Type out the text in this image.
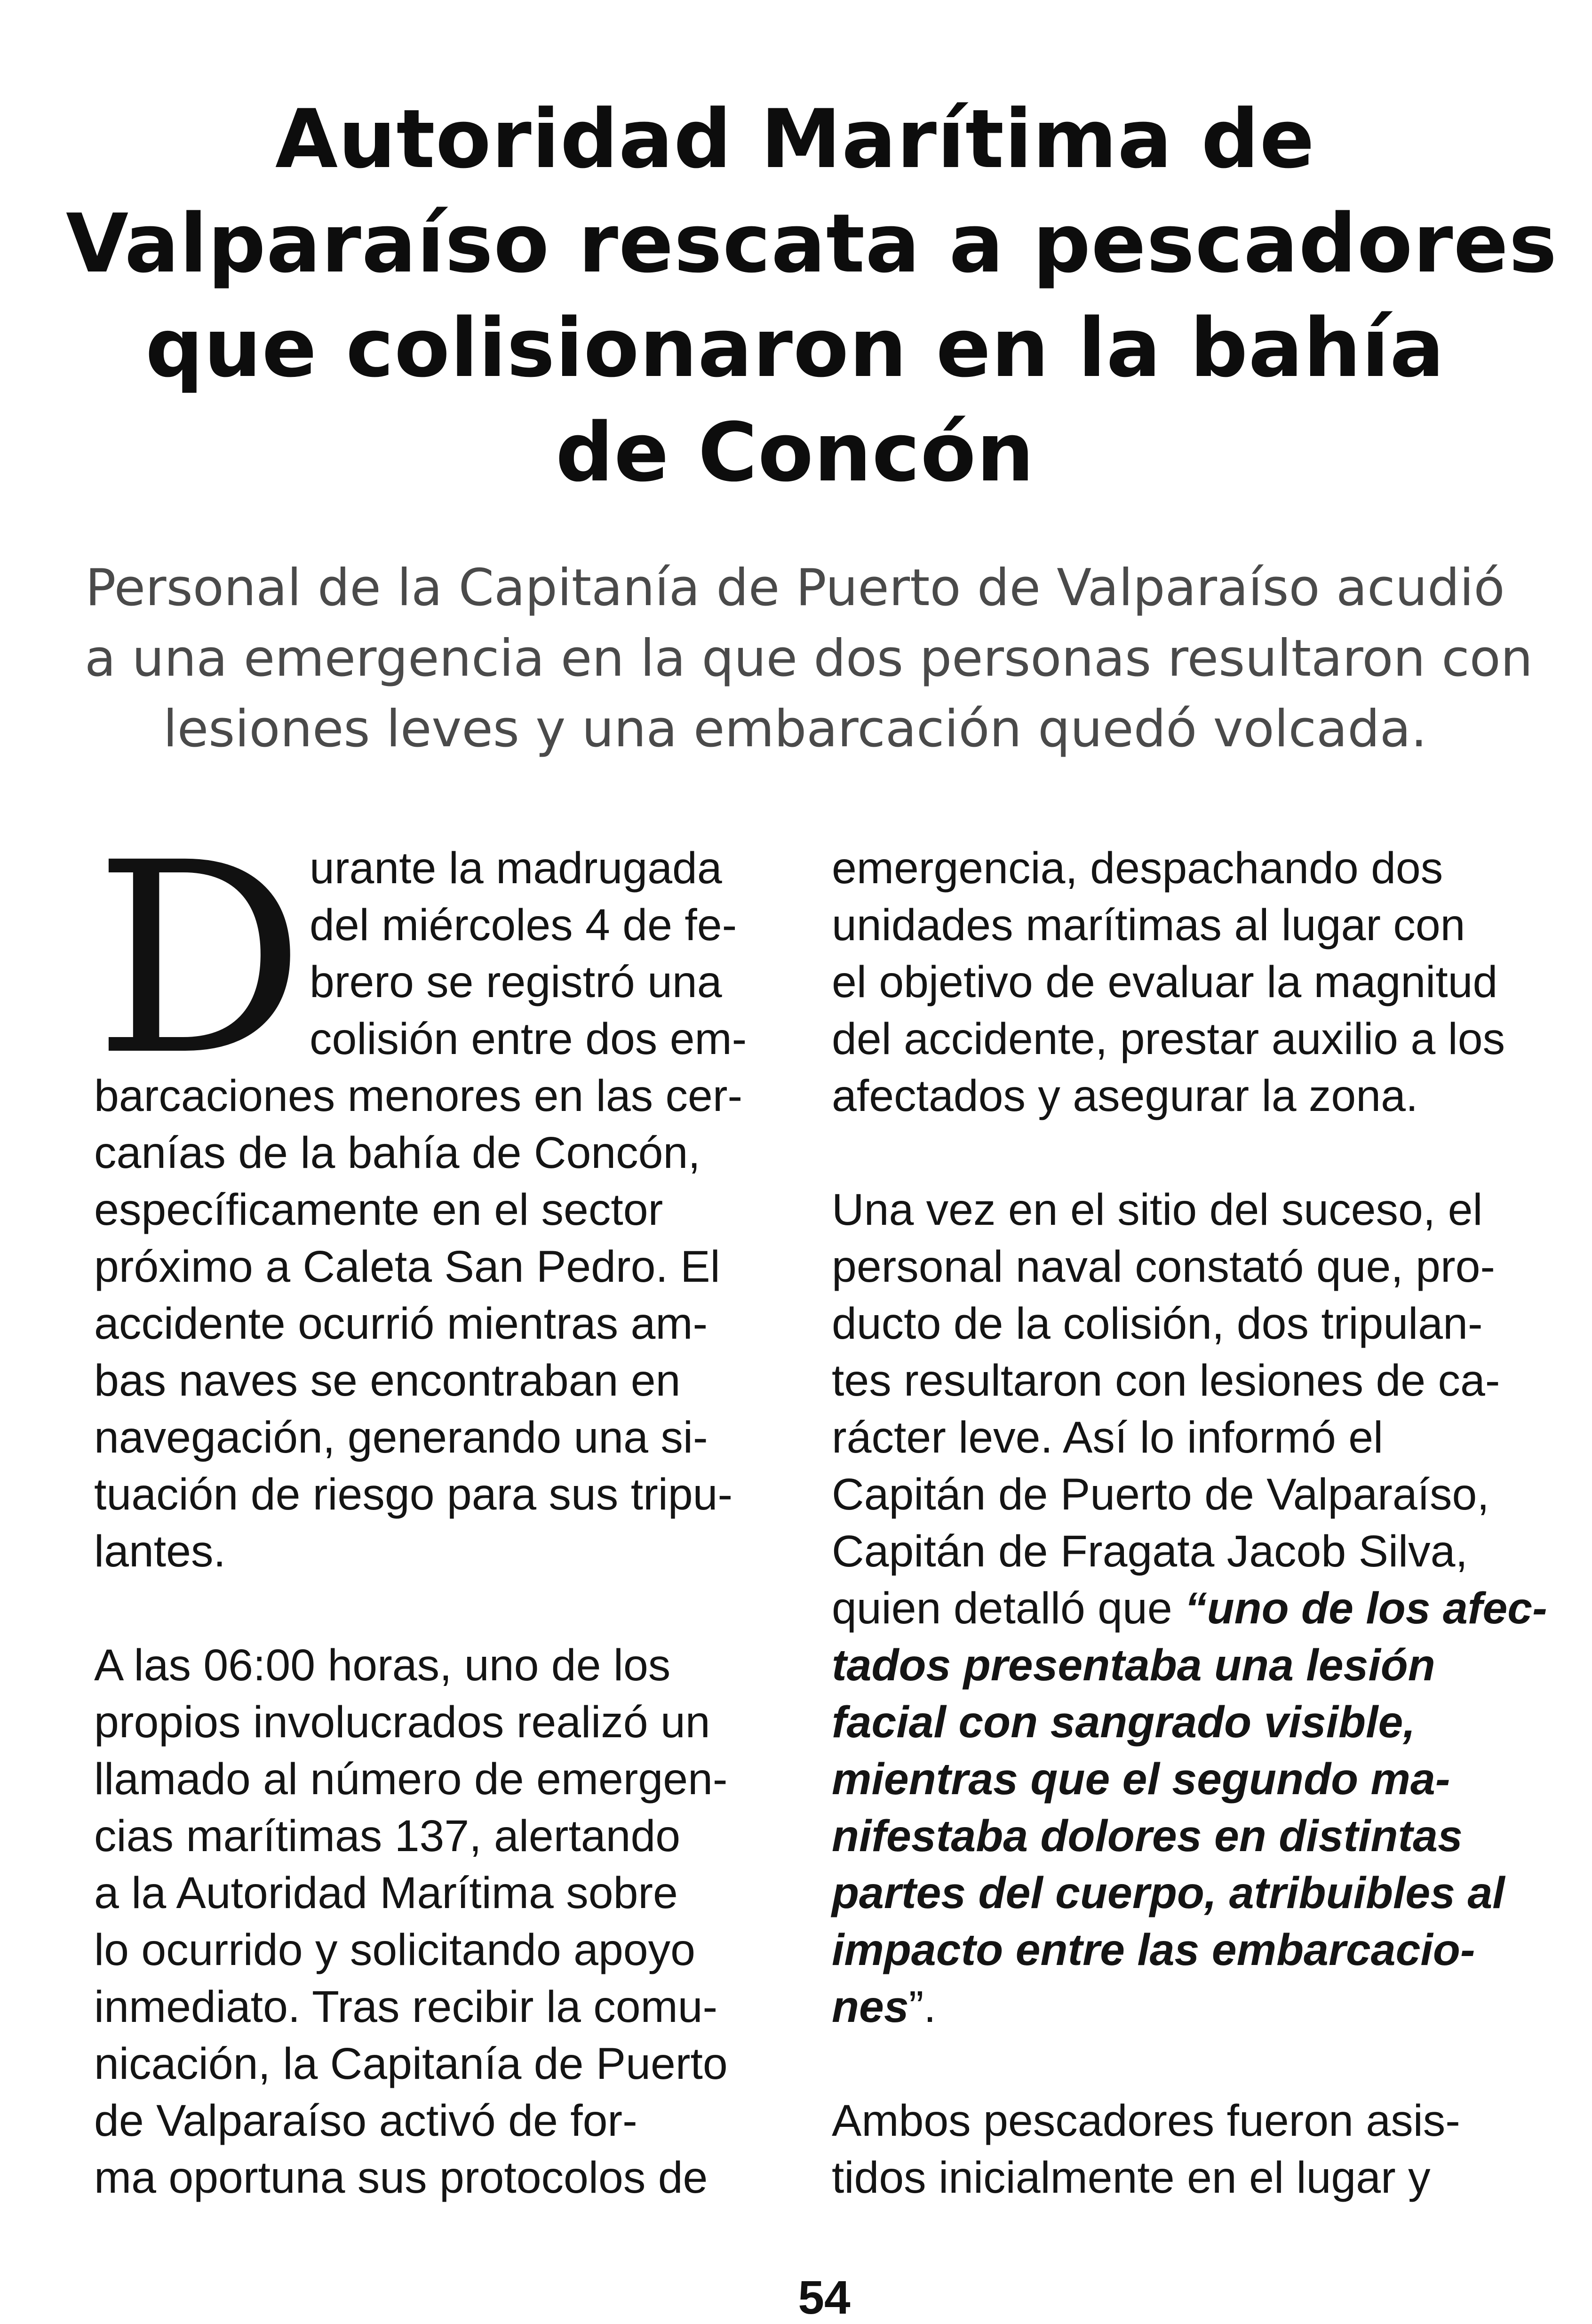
Autoridad Marítima de
Valparaíso rescata a pescadores
que colisionaron en la bahía
de Concón
Personal de la Capitanía de Puerto de Valparaíso acudió
a una emergencia en la que dos personas resultaron con
lesiones leves y una embarcación quedó volcada.
D urante la madrugada
del miércoles 4 de fe-
brero se registró una
colisión entre dos em-
barcaciones menores en las cer-
canías de la bahía de Concón,
específicamente en el sector
próximo a Caleta San Pedro. El
accidente ocurrió mientras am-
bas naves se encontraban en
navegación, generando una si-
tuación de riesgo para sus tripu-
lantes.
A las 06:00 horas, uno de los
propios involucrados realizó un
llamado al número de emergen-
cias marítimas 137, alertando
a la Autoridad Marítima sobre
lo ocurrido y solicitando apoyo
inmediato. Tras recibir la comu-
nicación, la Capitanía de Puerto
de Valparaíso activó de for-
ma oportuna sus protocolos de
emergencia, despachando dos
unidades marítimas al lugar con
el objetivo de evaluar la magnitud
del accidente, prestar auxilio a los
afectados y asegurar la zona.
Una vez en el sitio del suceso, el
personal naval constató que, pro-
ducto de la colisión, dos tripulan-
tes resultaron con lesiones de ca-
rácter leve. Así lo informó el
Capitán de Puerto de Valparaíso,
Capitán de Fragata Jacob Silva,
quien detalló que “uno de los afec-
tados presentaba una lesión
facial con sangrado visible,
mientras que el segundo ma-
nifestaba dolores en distintas
partes del cuerpo, atribuibles al
impacto entre las embarcacio-
nes”.
Ambos pescadores fueron asis-
tidos inicialmente en el lugar y
54
